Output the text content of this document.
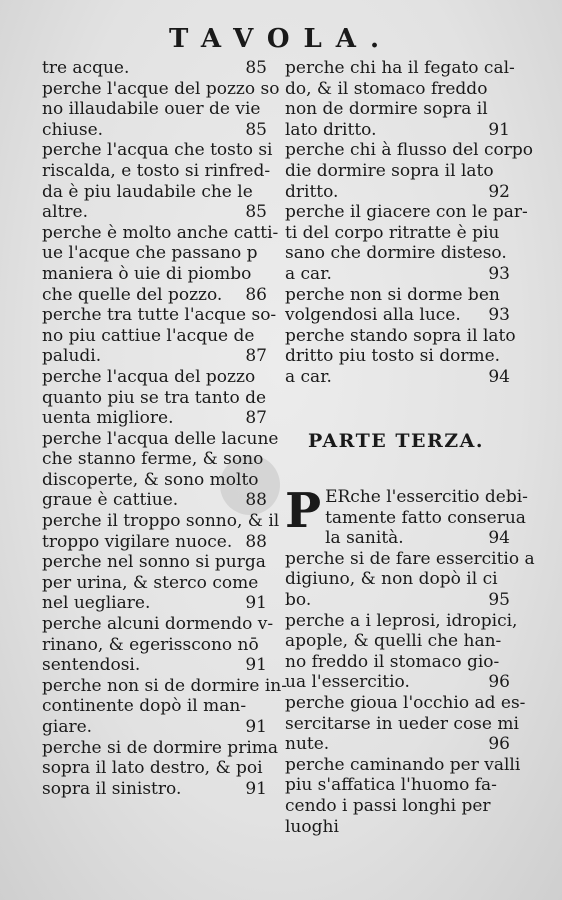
TAVOLA.
tre acque.	85
perche l'acque del pozzo so
no illaudabile ouer de vie
chiuse.	85
perche l'acqua che tosto si
riscalda, e tosto si rinfred-
da è piu laudabile che le
altre.	85
perche è molto anche catti-
ue l'acque che passano p
maniera ò uie di piombo
che quelle del pozzo. 86
perche tra tutte l'acque so-
no piu cattiue l'acque de
paludi.	87
perche l'acqua del pozzo
quanto piu se tra tanto de
uenta migliore.	87
perche l'acqua delle lacune
che stanno ferme, & sono
discoperte, & sono molto
graue è cattiue.	88
perche il troppo sonno, & il
troppo vigilare nuoce. 88
perche nel sonno si purga
per urina, & sterco come
nel uegliare.	91
perche alcuni dormendo v-
rinano, & egerisscono nō
sentendosi.	91
perche non si de dormire in-
continente dopò il man-
giare.	91
perche si de dormire prima
sopra il lato destro, & poi
sopra il sinistro.	91
perche chi ha il fegato cal-
do, & il stomaco freddo
non de dormire sopra il
lato dritto.	91
perche chi à flusso del corpo
die dormire sopra il lato
dritto.	92
perche il giacere con le par-
ti del corpo ritratte è piu
sano che dormire disteso.
a car.	93
perche non si dorme ben
volgendosi alla luce. 93
perche stando sopra il lato
dritto piu tosto si dorme.
a car.	94
PARTE TERZA.
P ERche l'essercitio debi-
tamente fatto conserua
la sanità.	94
perche si de fare essercitio a
digiuno, & non dopò il ci
bo.	95
perche a i leprosi, idropici,
apople, & quelli che han-
no freddo il stomaco gio-
ua l'essercitio.	96
perche gioua l'occhio ad es-
sercitarse in ueder cose mi
nute.	96
perche caminando per valli
piu s'affatica l'huomo fa-
cendo i passi longhi per
luoghi
